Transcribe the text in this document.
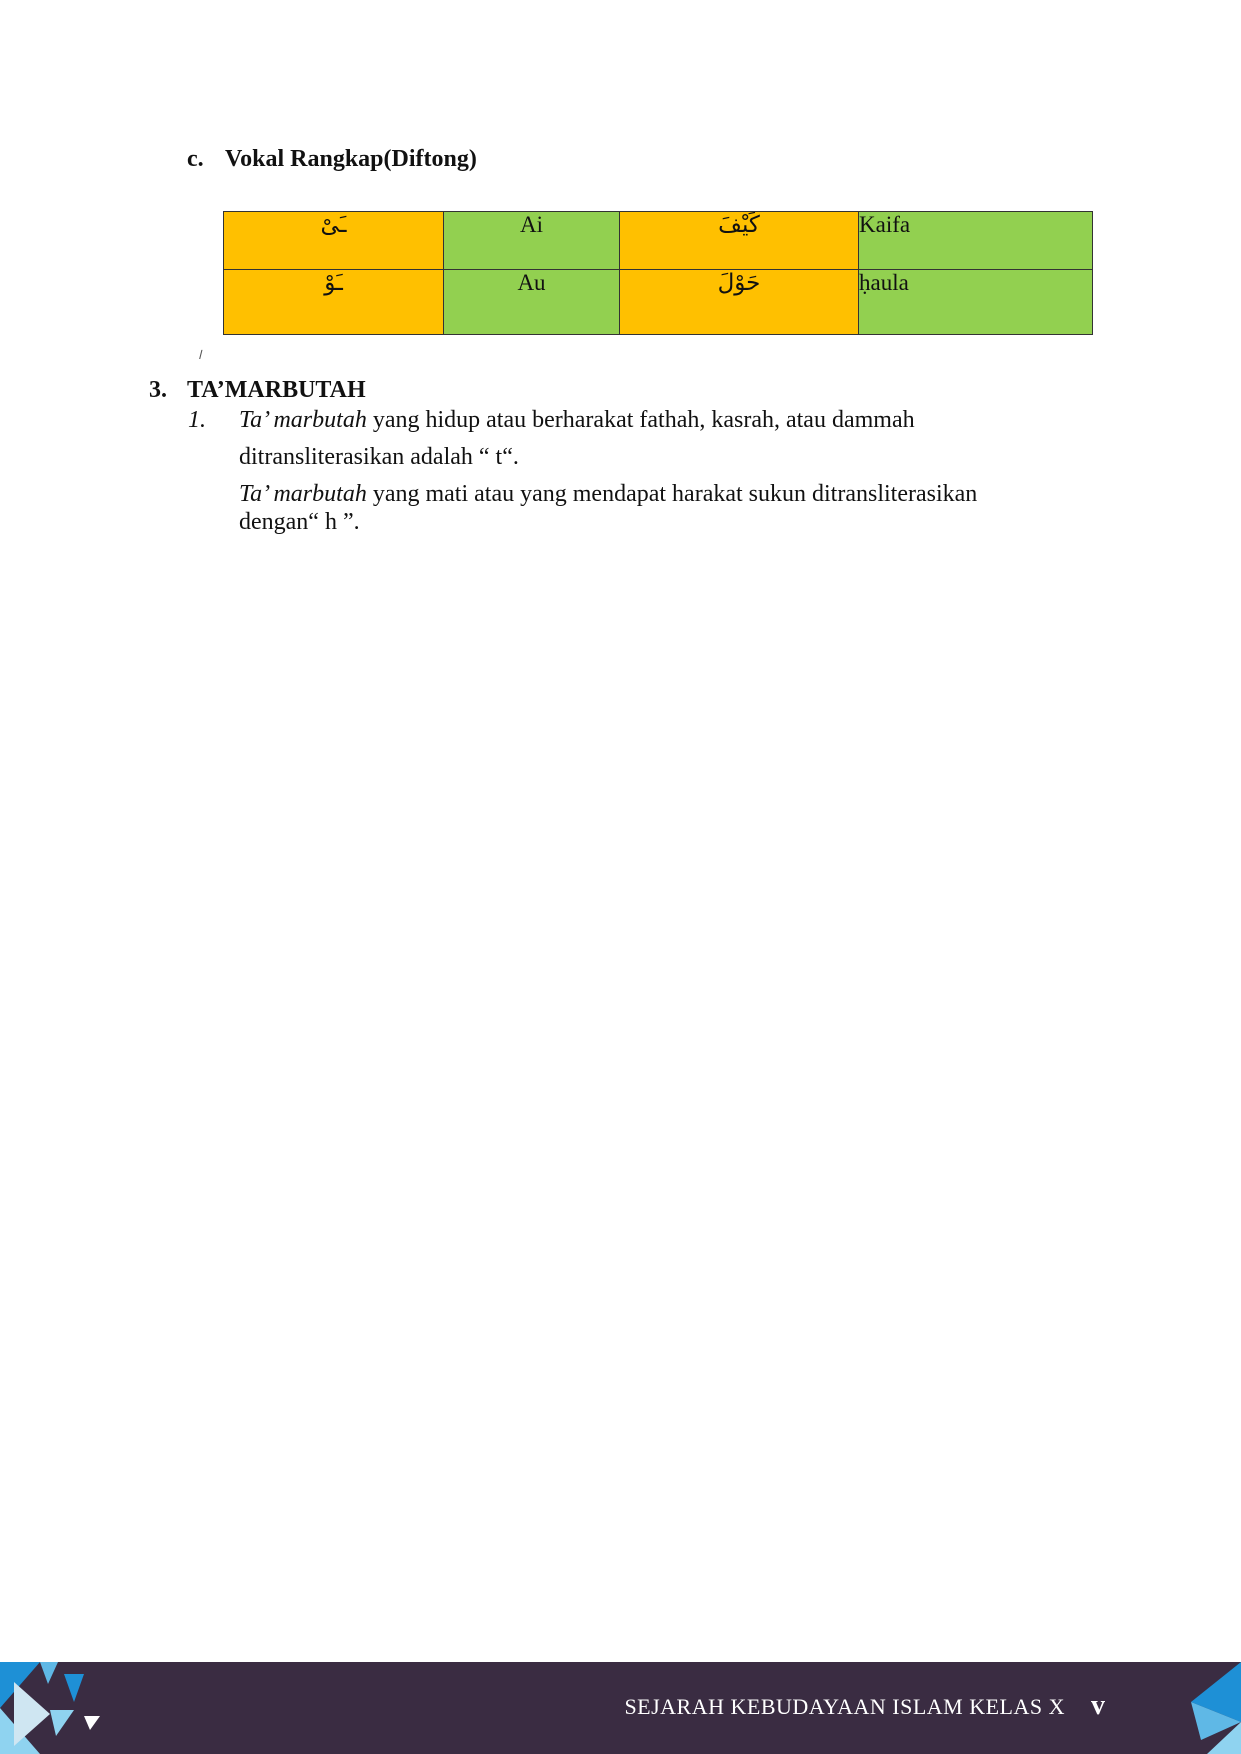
c. Vokal Rangkap(Diftong)
ـَىْ	Ai	كَيْفَ	Kaifa
ـَوْ	Au	حَوْلَ	ḥaula
ا
3. TA’MARBUTAH
1. Ta’ marbutah yang hidup atau berharakat fathah, kasrah, atau dammah
ditransliterasikan adalah “ t“.
Ta’ marbutah yang mati atau yang mendapat harakat sukun ditransliterasikan dengan“ h ”.
SEJARAH KEBUDAYAAN ISLAM KELAS X v
